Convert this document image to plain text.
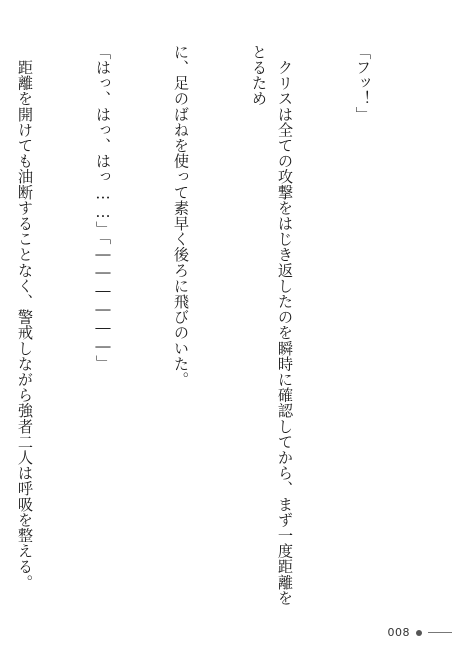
「フッ！」

　クリスは全ての攻撃をはじき返したのを瞬時に確認してから、まず一度距離をとるため

に、足のばねを使って素早く後ろに飛びのいた。

「はっ、はっ、はっ……」「――――――」

　距離を開けても油断することなく、警戒しながら強者二人は呼吸を整える。

008
